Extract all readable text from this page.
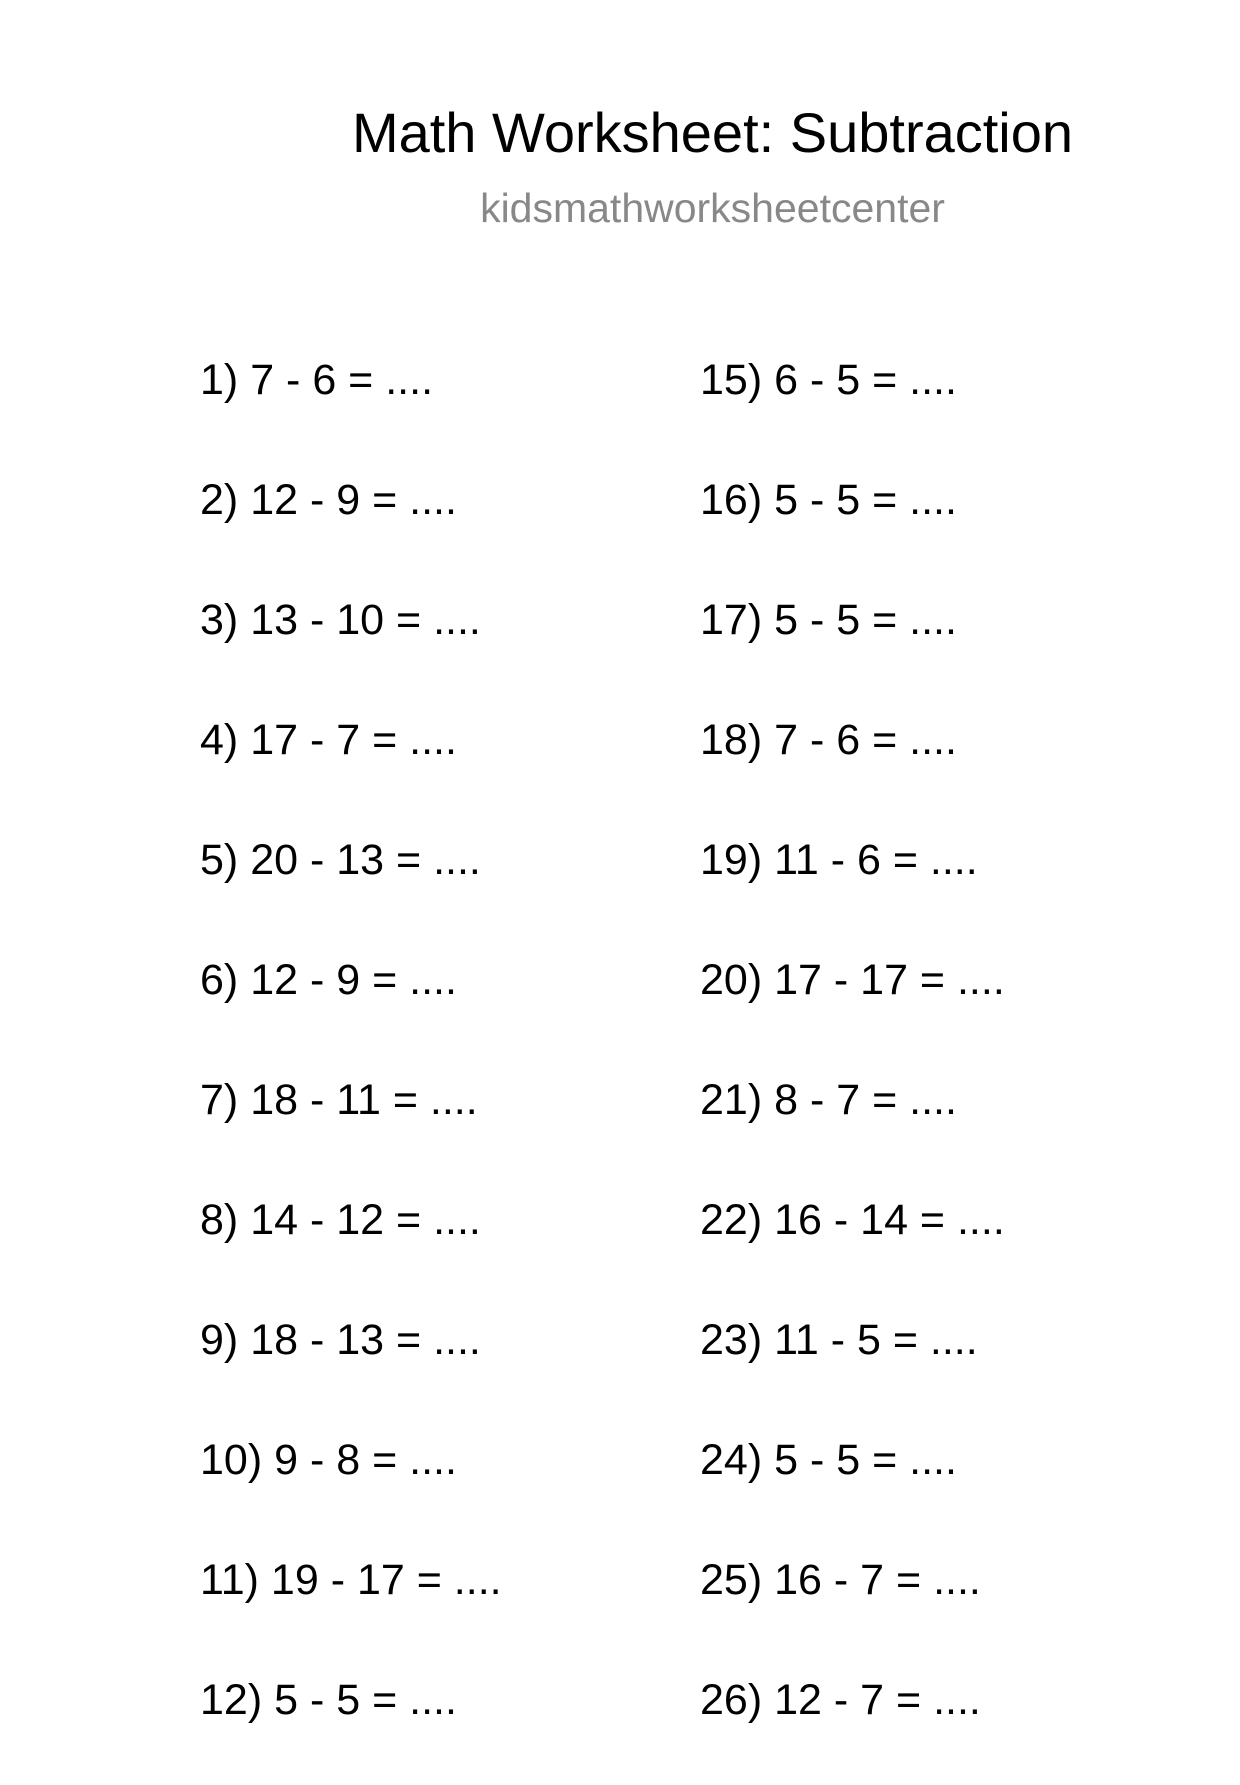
Math Worksheet: Subtraction
kidsmathworksheetcenter
1) 7 - 6 = ....
2) 12 - 9 = ....
3) 13 - 10 = ....
4) 17 - 7 = ....
5) 20 - 13 = ....
6) 12 - 9 = ....
7) 18 - 11 = ....
8) 14 - 12 = ....
9) 18 - 13 = ....
10) 9 - 8 = ....
11) 19 - 17 = ....
12) 5 - 5 = ....
15) 6 - 5 = ....
16) 5 - 5 = ....
17) 5 - 5 = ....
18) 7 - 6 = ....
19) 11 - 6 = ....
20) 17 - 17 = ....
21) 8 - 7 = ....
22) 16 - 14 = ....
23) 11 - 5 = ....
24) 5 - 5 = ....
25) 16 - 7 = ....
26) 12 - 7 = ....
